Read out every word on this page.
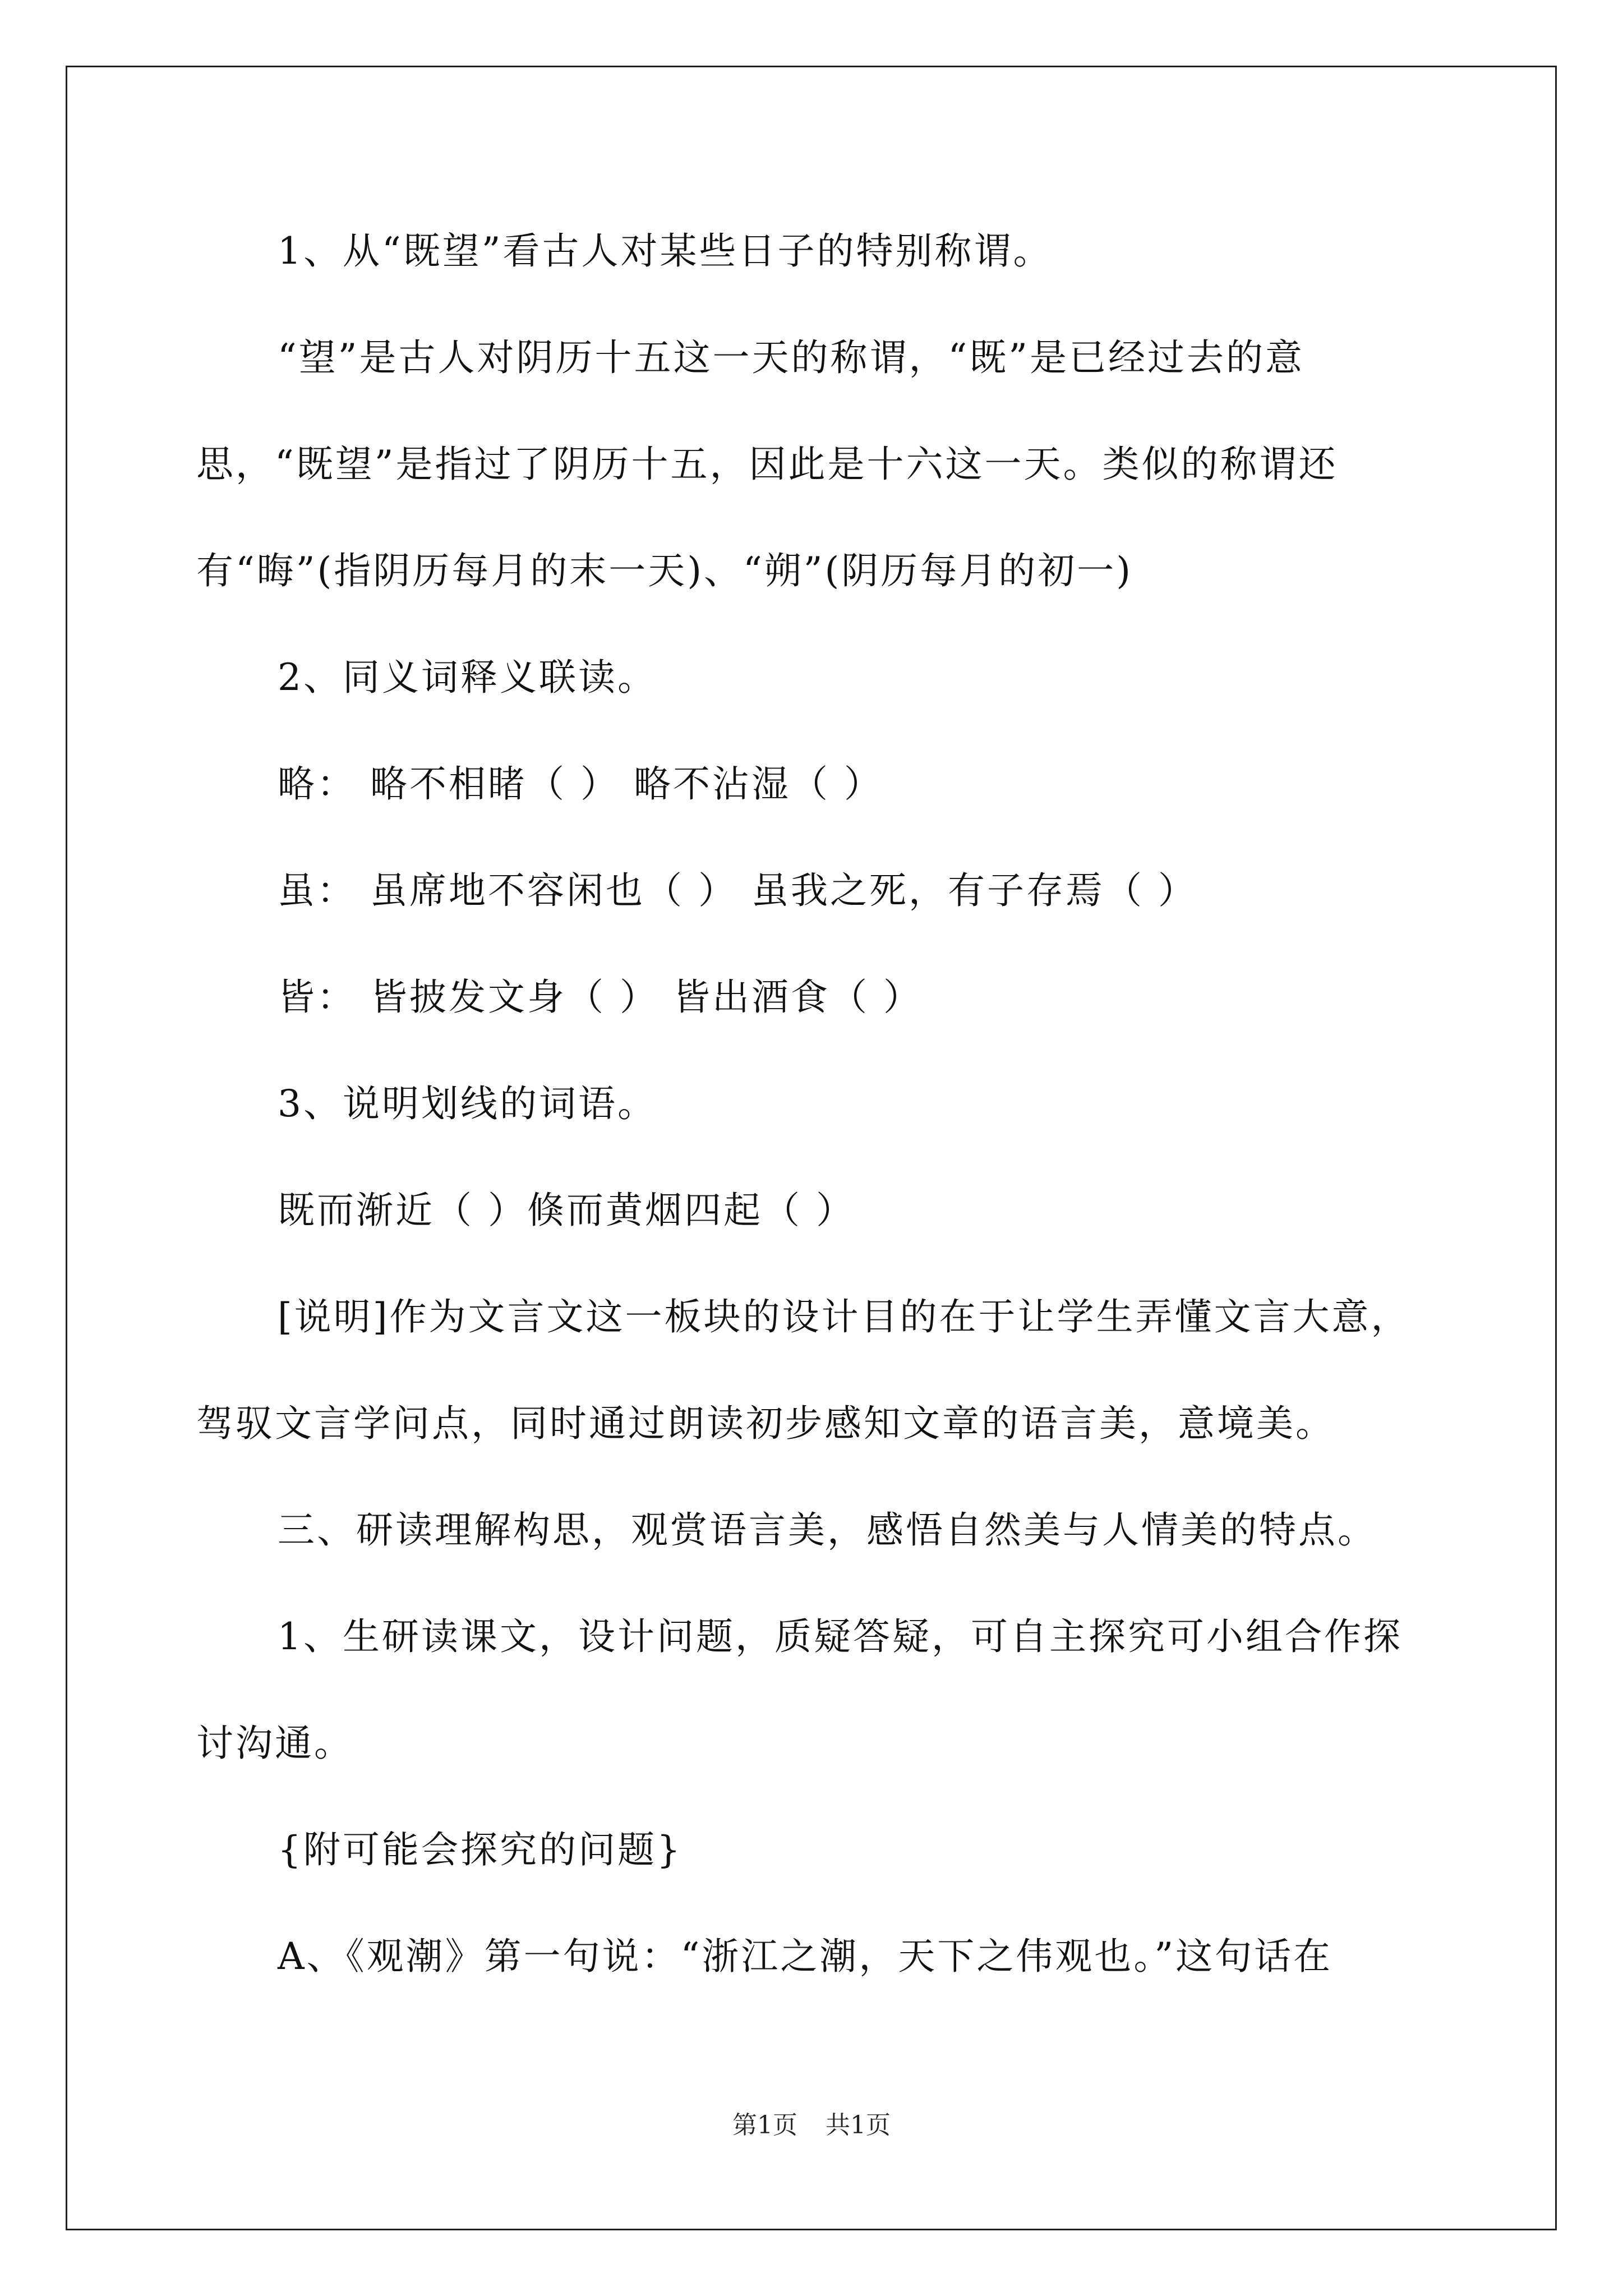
1、从“既望”看古人对某些日子的特别称谓。

“望”是古人对阴历十五这一天的称谓，“既”是已经过去的意

思，“既望”是指过了阴历十五，因此是十六这一天。类似的称谓还

有“晦”(指阴历每月的末一天)、“朔”(阴历每月的初一)

2、同义词释义联读。

略： 略不相睹（ ） 略不沾湿（ ）

虽： 虽席地不容闲也（ ） 虽我之死，有子存焉（ ）

皆： 皆披发文身（ ） 皆出酒食（ ）

3、说明划线的词语。

既而渐近（ ）倏而黄烟四起（ ）

[说明]作为文言文这一板块的设计目的在于让学生弄懂文言大意，

驾驭文言学问点，同时通过朗读初步感知文章的语言美，意境美。

三、研读理解构思，观赏语言美，感悟自然美与人情美的特点。

1、生研读课文，设计问题，质疑答疑，可自主探究可小组合作探

讨沟通。

{附可能会探究的问题}

A、《观潮》第一句说：“浙江之潮，天下之伟观也。”这句话在

第1页 共1页
